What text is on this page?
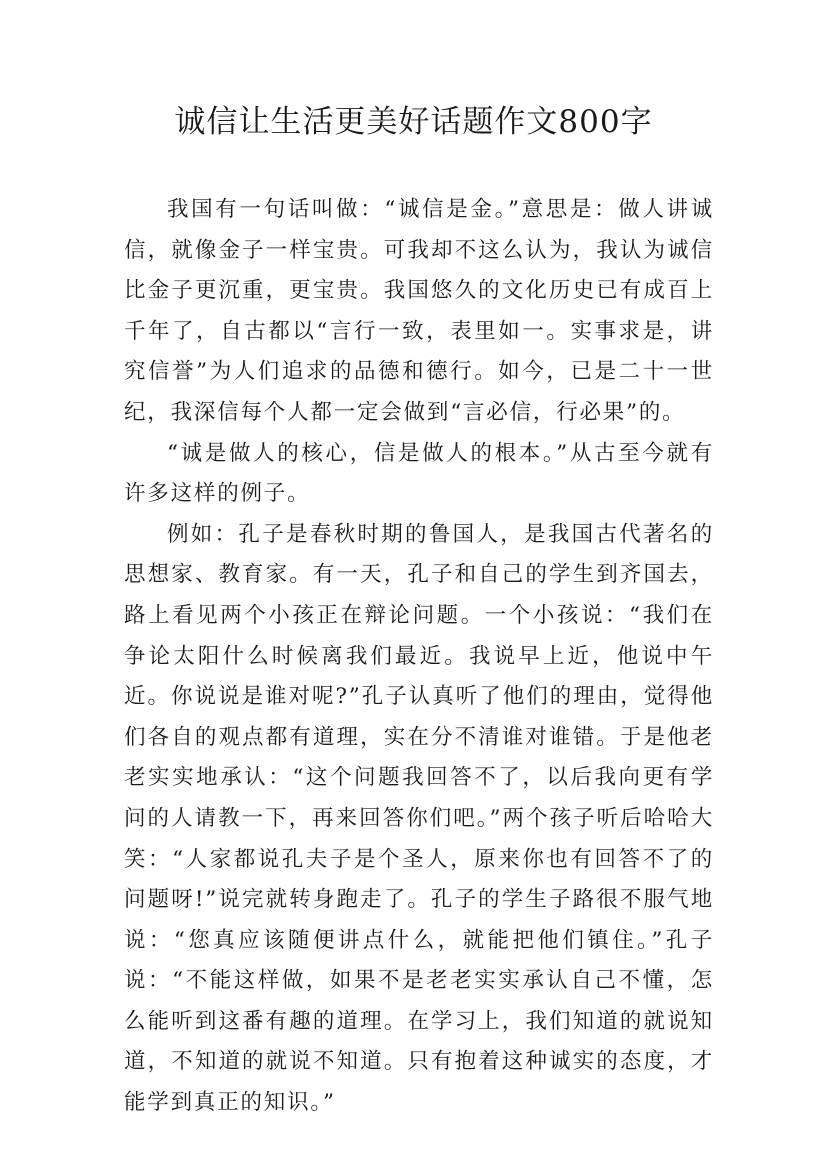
诚信让生活更美好话题作文800字

我国有一句话叫做：“诚信是金。”意思是：做人讲诚信，就像金子一样宝贵。可我却不这么认为，我认为诚信比金子更沉重，更宝贵。我国悠久的文化历史已有成百上千年了，自古都以“言行一致，表里如一。实事求是，讲究信誉”为人们追求的品德和德行。如今，已是二十一世纪，我深信每个人都一定会做到“言必信，行必果”的。

“诚是做人的核心，信是做人的根本。”从古至今就有许多这样的例子。

例如：孔子是春秋时期的鲁国人，是我国古代著名的思想家、教育家。有一天，孔子和自己的学生到齐国去，路上看见两个小孩正在辩论问题。一个小孩说：“我们在争论太阳什么时候离我们最近。我说早上近，他说中午近。你说说是谁对呢?”孔子认真听了他们的理由，觉得他们各自的观点都有道理，实在分不清谁对谁错。于是他老老实实地承认：“这个问题我回答不了，以后我向更有学问的人请教一下，再来回答你们吧。”两个孩子听后哈哈大笑：“人家都说孔夫子是个圣人，原来你也有回答不了的问题呀!”说完就转身跑走了。孔子的学生子路很不服气地说：“您真应该随便讲点什么，就能把他们镇住。”孔子说：“不能这样做，如果不是老老实实承认自己不懂，怎么能听到这番有趣的道理。在学习上，我们知道的就说知道，不知道的就说不知道。只有抱着这种诚实的态度，才能学到真正的知识。”
